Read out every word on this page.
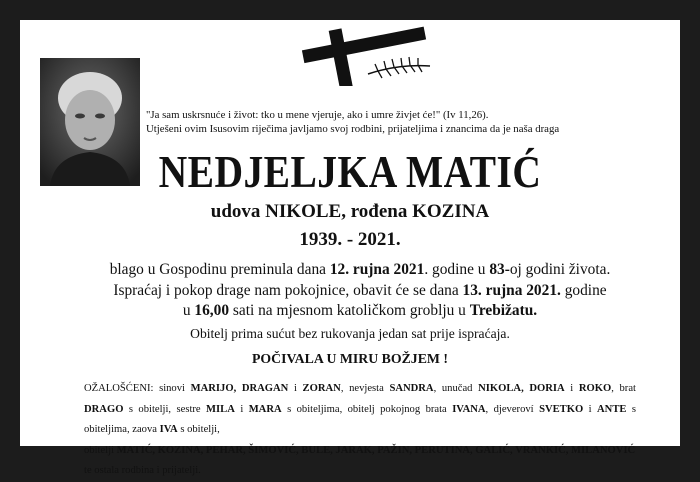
"Ja sam uskrsnuće i život: tko u mene vjeruje, ako i umre živjet će!" (Iv 11,26).

Utješeni ovim Isusovim riječima javljamo svoj rodbini, prijateljima i znancima da je naša draga
NEDJELJKA MATIĆ
udova NIKOLE, rođena KOZINA
1939. - 2021.
blago u Gospodinu preminula dana 12. rujna 2021. godine u 83-oj godini života.
Ispraćaj i pokop drage nam pokojnice, obavit će se dana 13. rujna 2021. godine
u 16,00 sati na mjesnom katoličkom groblju u Trebižatu.
Obitelj prima sućut bez rukovanja jedan sat prije ispraćaja.
POČIVALA U MIRU BOŽJEM !
OŽALOŠĆENI: sinovi MARIJO, DRAGAN i ZORAN, nevjesta SANDRA, unučad NIKOLA, DORIA i ROKO, brat DRAGO s obitelji, sestre MILA i MARA s obiteljima, obitelj pokojnog brata IVANA, djeveroví SVETKO i ANTE s obiteljima, zaova IVA s obitelji,
obitelji MATIĆ, KOZINA, PEHAR, ŠIMOVIĆ, BULE, JARAK, PAŽIN, PERUTINA, GALIĆ, VRANKIĆ, MILANOVIĆ te ostala rodbina i prijatelji.
